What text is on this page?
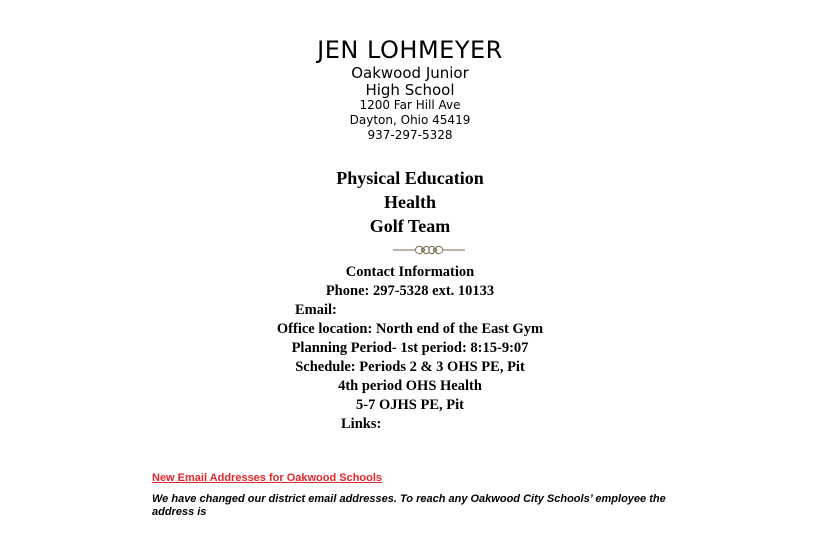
JEN LOHMEYER
Oakwood Junior
High School
1200 Far Hill Ave
Dayton, Ohio 45419
937-297-5328
Physical Education
Health
Golf Team
Contact Information
Phone: 297-5328 ext. 10133
Email:
Office location: North end of the East Gym
Planning Period- 1st period: 8:15-9:07
Schedule: Periods 2 & 3 OHS PE, Pit
4th period OHS Health
5-7 OJHS PE, Pit
Links:
New Email Addresses for Oakwood Schools
We have changed our district email addresses. To reach any Oakwood City Schools’ employee the address is
